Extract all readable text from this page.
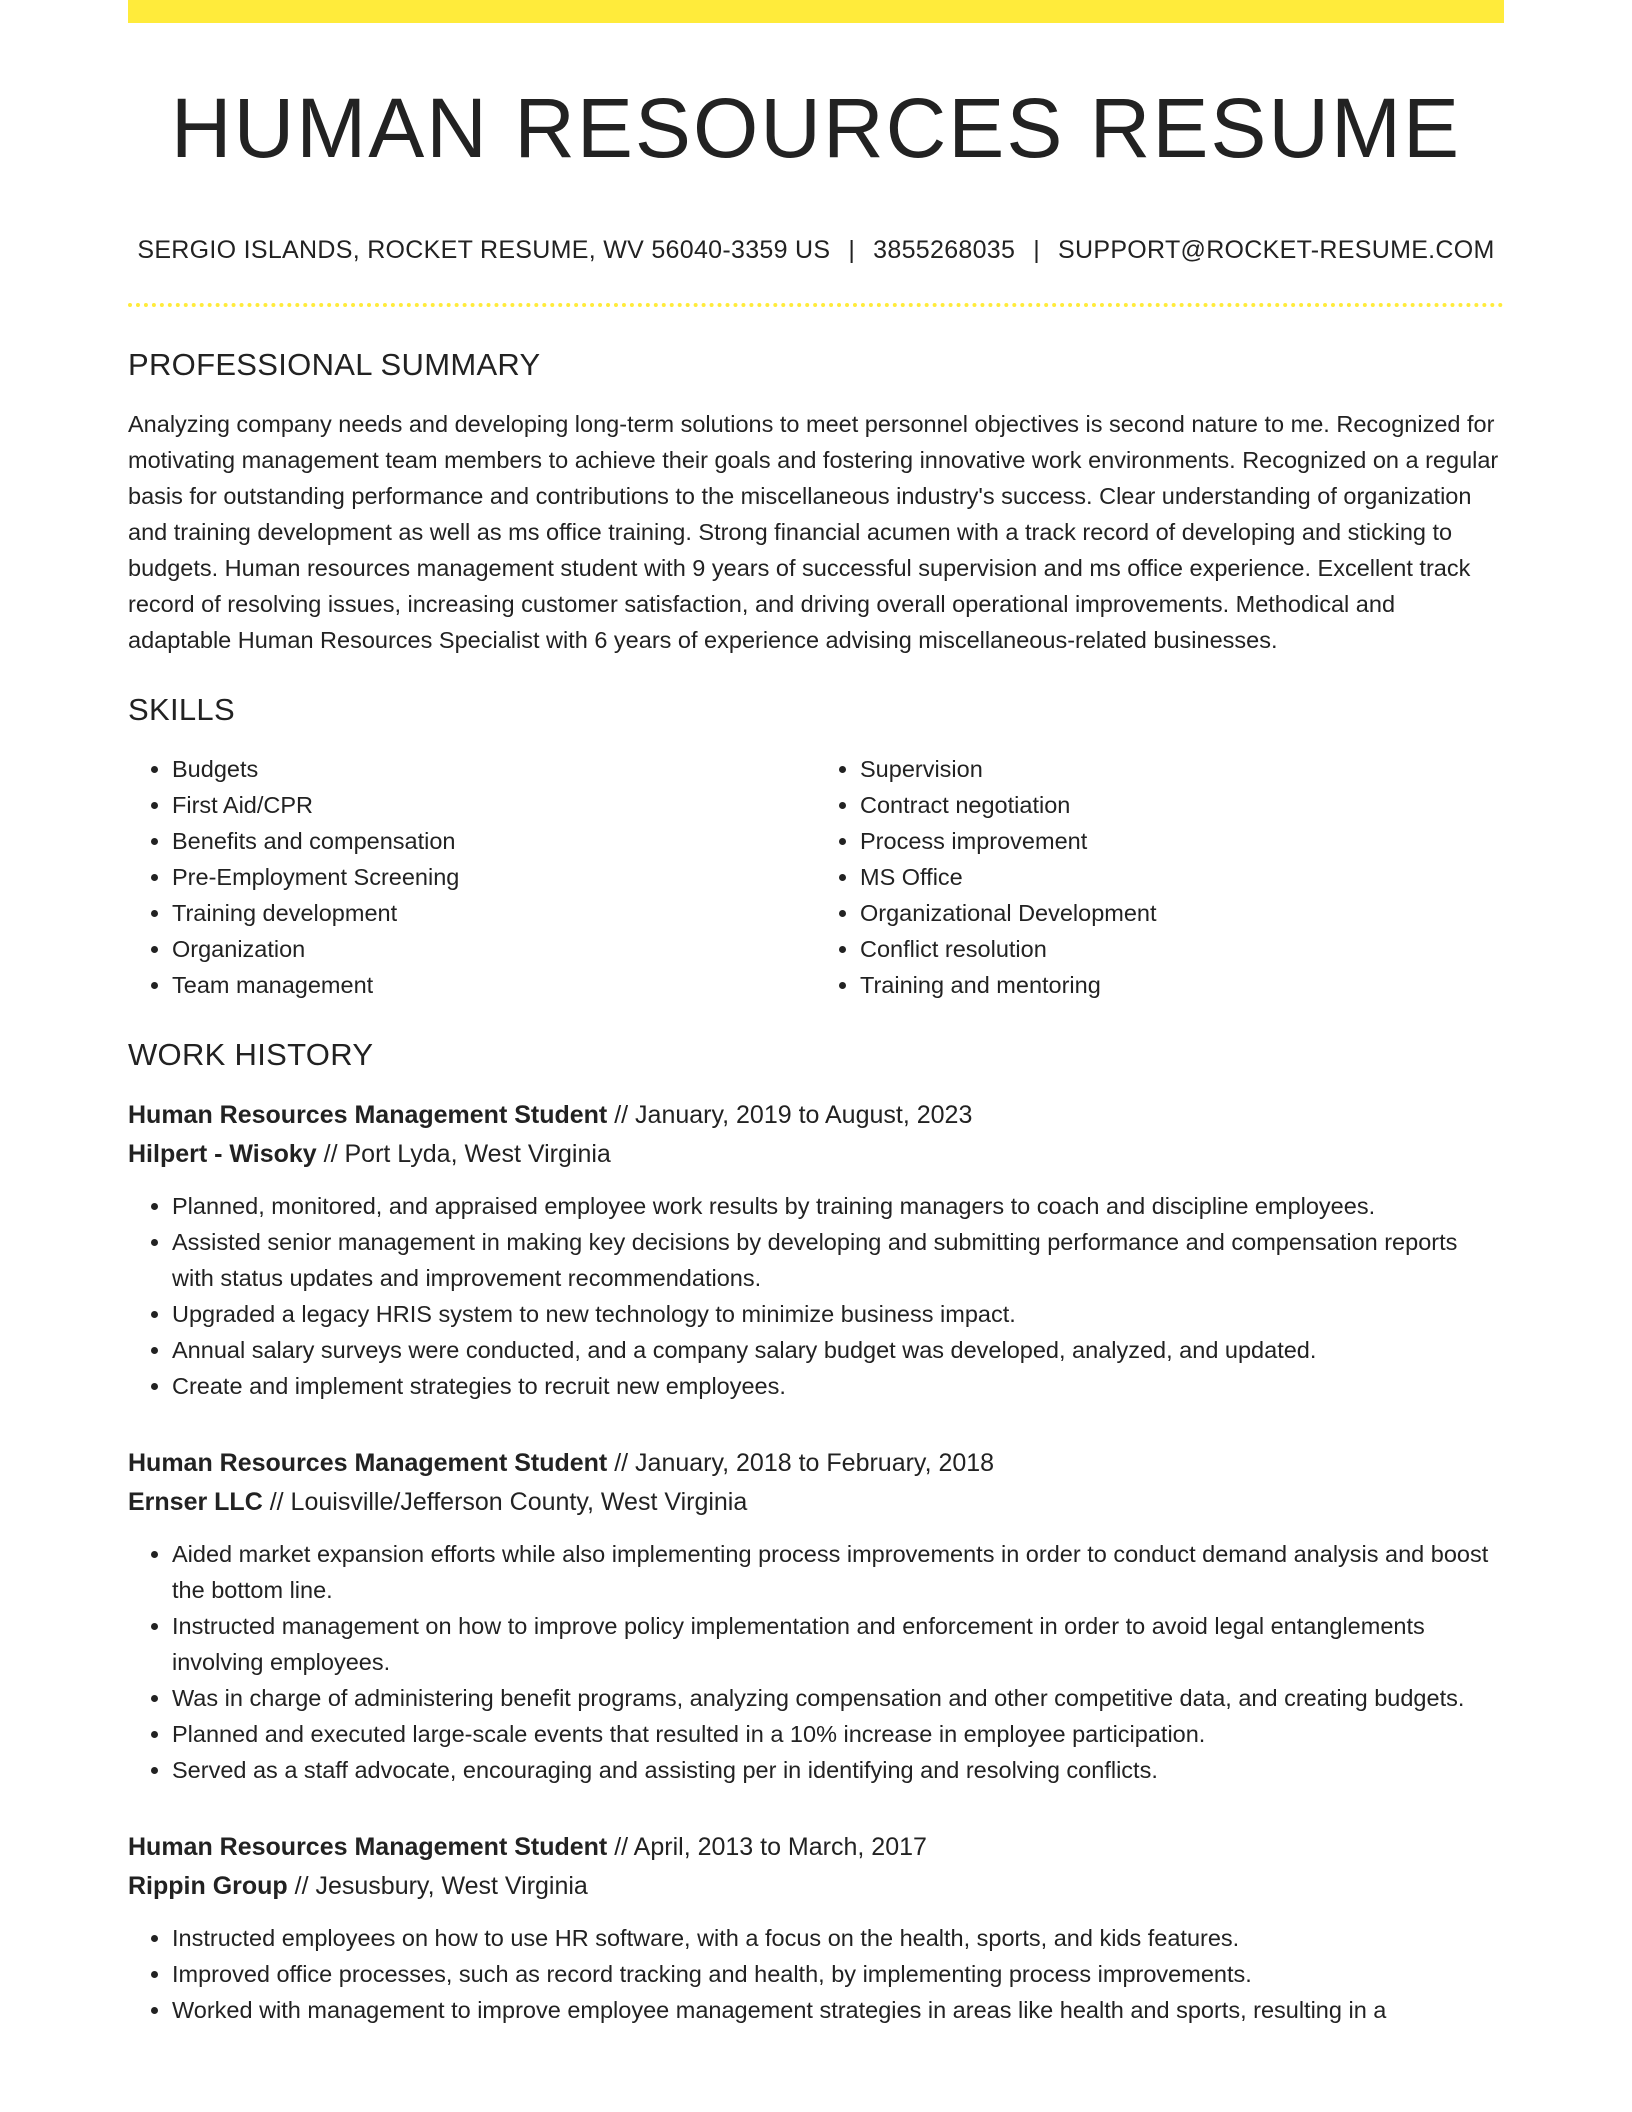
HUMAN RESOURCES RESUME
SERGIO ISLANDS, ROCKET RESUME, WV 56040-3359 US | 3855268035 | SUPPORT@ROCKET-RESUME.COM
PROFESSIONAL SUMMARY

Analyzing company needs and developing long-term solutions to meet personnel objectives is second nature to me. Recognized for motivating management team members to achieve their goals and fostering innovative work environments. Recognized on a regular basis for outstanding performance and contributions to the miscellaneous industry's success. Clear understanding of organization and training development as well as ms office training. Strong financial acumen with a track record of developing and sticking to budgets. Human resources management student with 9 years of successful supervision and ms office experience. Excellent track record of resolving issues, increasing customer satisfaction, and driving overall operational improvements. Methodical and adaptable Human Resources Specialist with 6 years of experience advising miscellaneous-related businesses.

SKILLS
• Budgets
• First Aid/CPR
• Benefits and compensation
• Pre-Employment Screening
• Training development
• Organization
• Team management
• Supervision
• Contract negotiation
• Process improvement
• MS Office
• Organizational Development
• Conflict resolution
• Training and mentoring
WORK HISTORY
Human Resources Management Student // January, 2019 to August, 2023
Hilpert - Wisoky // Port Lyda, West Virginia
• Planned, monitored, and appraised employee work results by training managers to coach and discipline employees.
• Assisted senior management in making key decisions by developing and submitting performance and compensation reports with status updates and improvement recommendations.
• Upgraded a legacy HRIS system to new technology to minimize business impact.
• Annual salary surveys were conducted, and a company salary budget was developed, analyzed, and updated.
• Create and implement strategies to recruit new employees.
Human Resources Management Student // January, 2018 to February, 2018
Ernser LLC // Louisville/Jefferson County, West Virginia
• Aided market expansion efforts while also implementing process improvements in order to conduct demand analysis and boost the bottom line.
• Instructed management on how to improve policy implementation and enforcement in order to avoid legal entanglements involving employees.
• Was in charge of administering benefit programs, analyzing compensation and other competitive data, and creating budgets.
• Planned and executed large-scale events that resulted in a 10% increase in employee participation.
• Served as a staff advocate, encouraging and assisting per in identifying and resolving conflicts.
Human Resources Management Student // April, 2013 to March, 2017
Rippin Group // Jesusbury, West Virginia
• Instructed employees on how to use HR software, with a focus on the health, sports, and kids features.
• Improved office processes, such as record tracking and health, by implementing process improvements.
• Worked with management to improve employee management strategies in areas like health and sports, resulting in a
